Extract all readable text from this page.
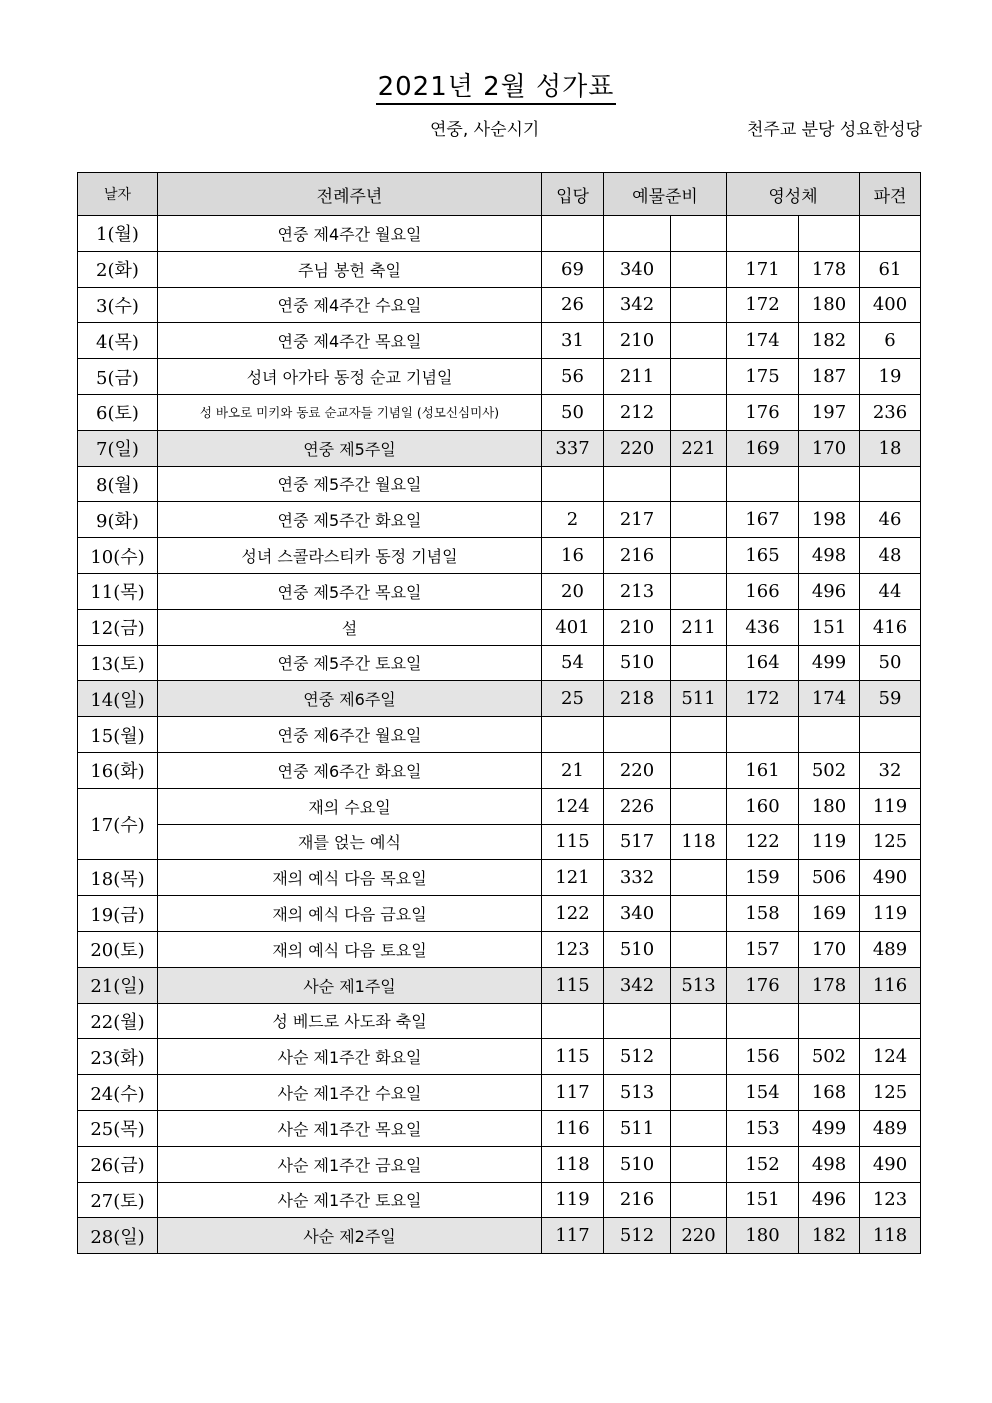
2021년 2월 성가표
연중, 사순시기	천주교 분당 성요한성당
날자	전례주년	입당	예물준비		영성체		파견
1(월)	연중 제4주간 월요일						
2(화)	주님 봉헌 축일	69	340		171	178	61
3(수)	연중 제4주간 수요일	26	342		172	180	400
4(목)	연중 제4주간 목요일	31	210		174	182	6
5(금)	성녀 아가타 동정 순교 기념일	56	211		175	187	19
6(토)	성 바오로 미키와 동료 순교자들 기념일 (성모신심미사)	50	212		176	197	236
7(일)	연중 제5주일	337	220	221	169	170	18
8(월)	연중 제5주간 월요일						
9(화)	연중 제5주간 화요일	2	217		167	198	46
10(수)	성녀 스콜라스티카 동정 기념일	16	216		165	498	48
11(목)	연중 제5주간 목요일	20	213		166	496	44
12(금)	설	401	210	211	436	151	416
13(토)	연중 제5주간 토요일	54	510		164	499	50
14(일)	연중 제6주일	25	218	511	172	174	59
15(월)	연중 제6주간 월요일						
16(화)	연중 제6주간 화요일	21	220		161	502	32
17(수)	재의 수요일	124	226		160	180	119
	재를 얹는 예식	115	517	118	122	119	125
18(목)	재의 예식 다음 목요일	121	332		159	506	490
19(금)	재의 예식 다음 금요일	122	340		158	169	119
20(토)	재의 예식 다음 토요일	123	510		157	170	489
21(일)	사순 제1주일	115	342	513	176	178	116
22(월)	성 베드로 사도좌 축일						
23(화)	사순 제1주간 화요일	115	512		156	502	124
24(수)	사순 제1주간 수요일	117	513		154	168	125
25(목)	사순 제1주간 목요일	116	511		153	499	489
26(금)	사순 제1주간 금요일	118	510		152	498	490
27(토)	사순 제1주간 토요일	119	216		151	496	123
28(일)	사순 제2주일	117	512	220	180	182	118
